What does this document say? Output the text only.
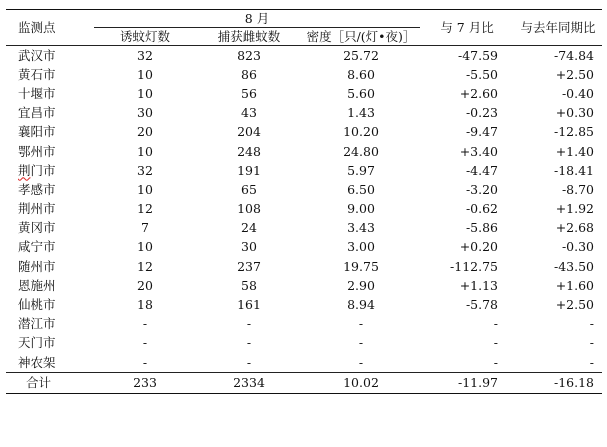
监测点	8 月			与 7 月比	与去年同期比
	诱蚊灯数	捕获雌蚊数	密度［只/(灯•夜)］		
武汉市	32	823	25.72	-47.59	-74.84
黄石市	10	86	8.60	-5.50	+2.50
十堰市	10	56	5.60	+2.60	-0.40
宜昌市	30	43	1.43	-0.23	+0.30
襄阳市	20	204	10.20	-9.47	-12.85
鄂州市	10	248	24.80	+3.40	+1.40
荆门市	32	191	5.97	-4.47	-18.41
孝感市	10	65	6.50	-3.20	-8.70
荆州市	12	108	9.00	-0.62	+1.92
黄冈市	7	24	3.43	-5.86	+2.68
咸宁市	10	30	3.00	+0.20	-0.30
随州市	12	237	19.75	-112.75	-43.50
恩施州	20	58	2.90	+1.13	+1.60
仙桃市	18	161	8.94	-5.78	+2.50
潜江市	-	-	-	-	-
天门市	-	-	-	-	-
神农架	-	-	-	-	-
合计	233	2334	10.02	-11.97	-16.18
